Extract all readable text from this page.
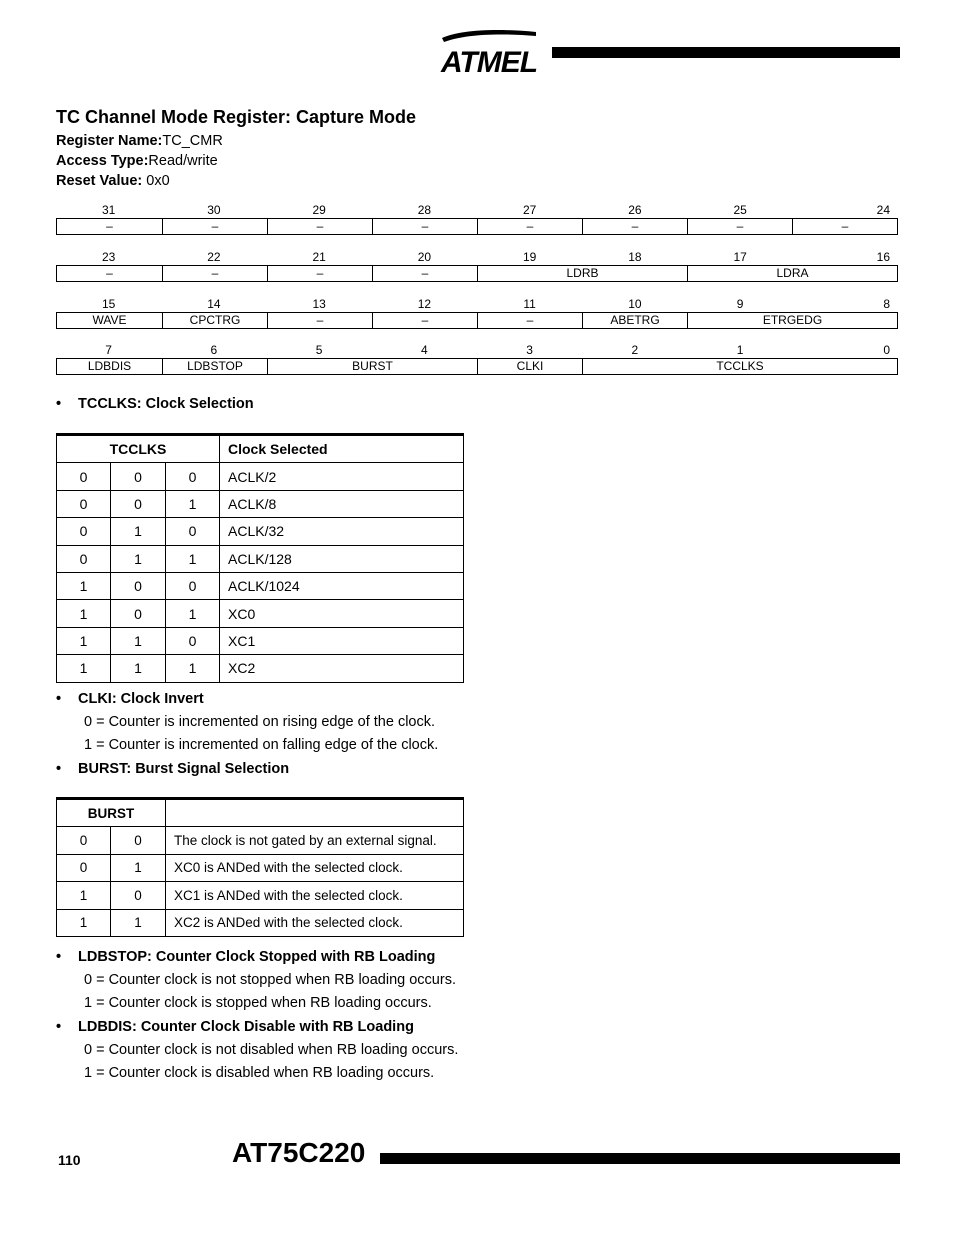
ATMEL
TC Channel Mode Register: Capture Mode

Register Name:TC_CMR

Access Type:Read/write

Reset Value: 0x0

31	30	29	28	27	26	25	24
–	–	–	–	–	–	–	–
23	22	21	20	19	18	17	16
–	–	–	–	LDRB	LDRA
15	14	13	12	11	10	9	8
WAVE	CPCTRG	–	–	–	ABETRG	ETRGEDG
7	6	5	4	3	2	1	0
LDBDIS	LDBSTOP	BURST	CLKI	TCCLKS

• TCCLKS: Clock Selection

TCCLKS			Clock Selected
0	0	0	ACLK/2
0	0	1	ACLK/8
0	1	0	ACLK/32
0	1	1	ACLK/128
1	0	0	ACLK/1024
1	0	1	XC0
1	1	0	XC1
1	1	1	XC2

• CLKI: Clock Invert

0 = Counter is incremented on rising edge of the clock.

1 = Counter is incremented on falling edge of the clock.

• BURST: Burst Signal Selection

BURST		
0	0	The clock is not gated by an external signal.
0	1	XC0 is ANDed with the selected clock.
1	0	XC1 is ANDed with the selected clock.
1	1	XC2 is ANDed with the selected clock.

• LDBSTOP: Counter Clock Stopped with RB Loading

0 = Counter clock is not stopped when RB loading occurs.

1 = Counter clock is stopped when RB loading occurs.

• LDBDIS: Counter Clock Disable with RB Loading

0 = Counter clock is not disabled when RB loading occurs.

1 = Counter clock is disabled when RB loading occurs.

110	AT75C220
